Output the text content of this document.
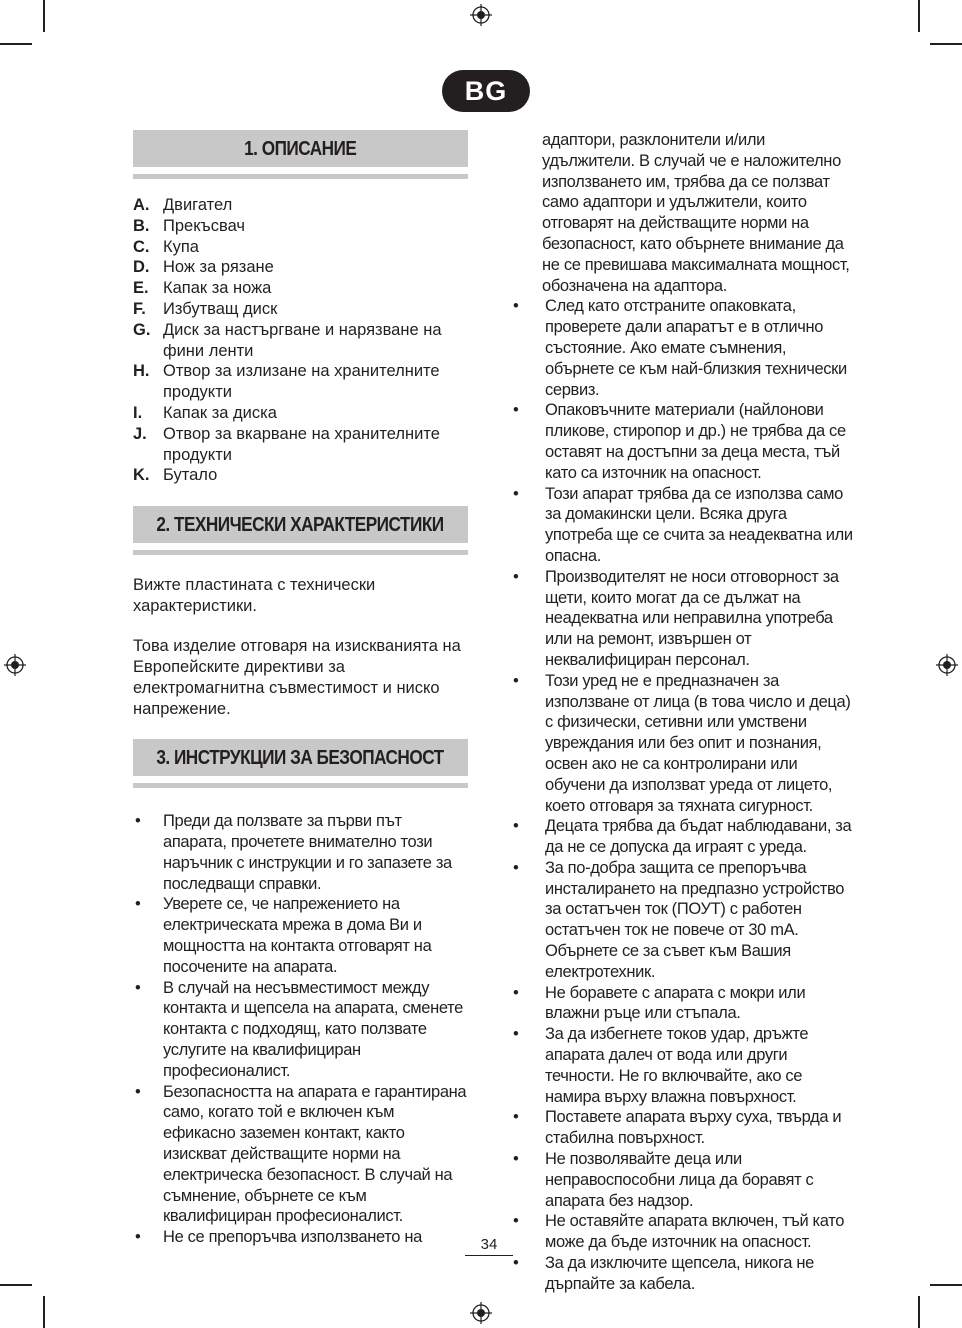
BG
1. ОПИСАНИЕ
A. Двигател
B. Прекъсвач
C. Купа
D. Нож за рязане
E. Капак за ножа
F.	Избутващ диск
G. Диск за настъргване и нарязване на фини ленти
H. Отвор за излизане на хранителните продукти
I.	Капак за диска
J. Отвор за вкарване на хранителните продукти
K. Бутало
2. ТЕХНИЧЕСКИ ХАРАКТЕРИСТИКИ

Вижте пластината с технически характеристики.

Това изделие отговаря на изискванията на Европейските директиви за електромагнитна съвместимост и ниско напрежение.

3. ИНСТРУКЦИИ ЗА БЕЗОПАСНОСТ
•	Преди да ползвате за първи път апарата, прочетете внимателно този наръчник с инструкции и го запазете за последващи справки.
•	Уверете се, че напрежението на електрическата мрежа в дома Ви и мощността на контакта отговарят на посочените на апарата.
•	В случай на несъвместимост между контакта и щепсела на апарата, сменете контакта с подходящ, като ползвате услугите на квалифициран професионалист.
•	Безопасността на апарата е гарантирана само, когато той е включен към ефикасно заземен контакт, както изискват действащите норми на електрическа безопасност. В случай на съмнение, обърнете се към квалифициран професионалист.
•	Не се препоръчва използването на
адаптори, разклонители и/или удължители. В случай че е наложително използването им, трябва да се ползват само адаптори и удължители, които отговарят на действащите норми на безопасност, като обърнете внимание да не се превишава максималната мощност, обозначена на адаптора.
•	След като отстраните опаковката, проверете дали апаратът е в отлично състояние. Ако емате съмнения, обърнете се към най-близкия технически сервиз.
•	Опаковъчните материали (найлонови пликове, стиропор и др.) не трябва да се оставят на достъпни за деца места, тъй като са източник на опасност.
•	Този апарат трябва да се използва само за домакински цели. Всяка друга употреба ще се счита за неадекватна или опасна.
•	Производителят не носи отговорност за щети, които могат да се дължат на неадекватна или неправилна употреба или на ремонт, извършен от неквалифициран персонал.
•	Този уред не е предназначен за използване от лица (в това число и деца) с физически, сетивни или умствени увреждания или без опит и познания, освен ако не са контролирани или обучени да използват уреда от лицето, което отговаря за тяхната сигурност.
•	Децата трябва да бъдат наблюдавани, за да не се допуска да играят с уреда.
•	За по-добра защита се препоръчва инсталирането на предпазно устройство за остатъчен ток (ПОУТ) с работен остатъчен ток не повече от 30 mA. Обърнете се за съвет към Вашия електротехник.
•	Не боравете с апарата с мокри или влажни ръце или стъпала.
•	За да избегнете токов удар, дръжте апарата далеч от вода или други течности. Не го включвайте, ако се намира върху влажна повърхност.
•	Поставете апарата върху суха, твърда и стабилна повърхност.
•	Не позволявайте деца или неправоспособни лица да боравят с апарата без надзор.
•	Не оставяйте апарата включен, тъй като може да бъде източник на опасност.
•	За да изключите щепсела, никога не дърпайте за кабела.
34
